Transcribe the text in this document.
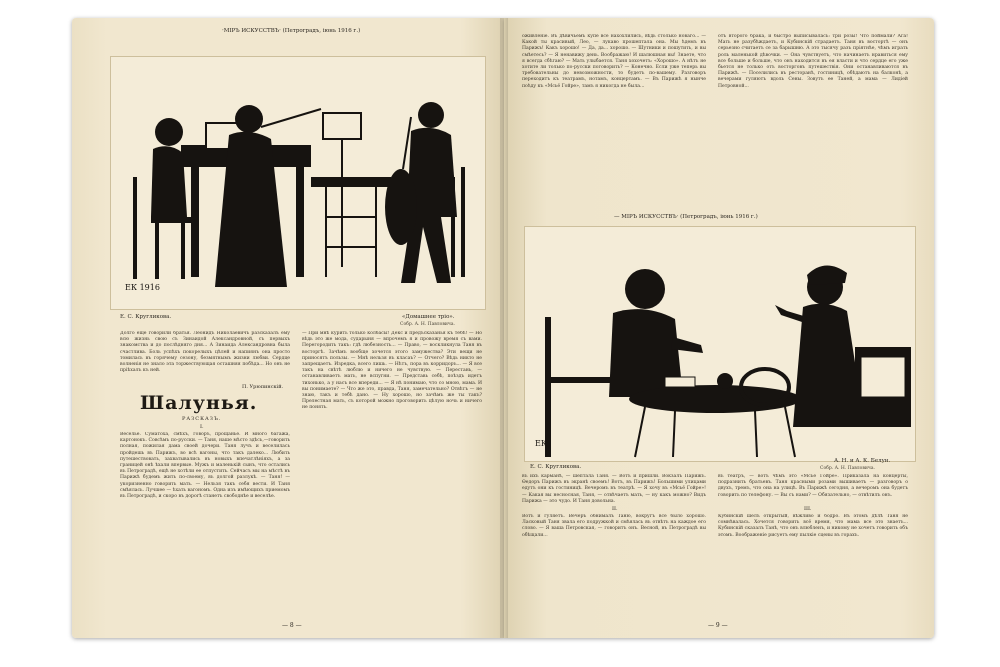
·МIРЪ ИСКУССТВЪ· (Петроградъ, іюнь 1916 г.)
ЕК 1916
Е. С. Кругликова.	«Домашнее тріо».
Собр. А. Н. Павловича.

Долго еще говорили братья. Леонидъ Николаевичъ разсказалъ ему всю жизнь свою съ Зинаидой Александровной, съ первыхъ знакомства и до послѣдняго дня... А Зинаида Александровна была счастлива. Боль успѣхъ покорелыхъ цѣлей и напиянъ она просто томилась въ горячему сезону, безмятнымъ жизни любви. Сердце волненія не знало эта торжествующая осташняя побѣда... Но онъ не пріѣхалъ къ ней.

П. Урюпинскій.
Шалунья.
РАЗСКАЗЪ.
I.

Веселье. Суматоха, смѣхъ, говоръ, прощанье. И много багажа, картонокъ. Совсѣмъ по-русски. — Таня, наше мѣсто здѣсь,—говорить полная, пожилая дама своей дочери. Таня лучъ и веселилась пройдешь въ Парижъ, во всѣ вагоны, что такъ далеко... Любить путешествовать, захватывались въ новыхъ впечатлѣніяхъ, а за границей онѣ ѣхали впервые. Мужъ и маленькій сынъ, что остались въ Петроградѣ, ещѣ не хотѣли ее отпустить. Сейчасъ мы на мѣстѣ въ Парижѣ будемъ жить по-своему, въ долгой разлукѣ. — Таня! — укоризненно говорить мать. — Нельзя такъ себя вести. И Таня смѣялась. Лучшее — ѣхать вагономъ. Одна изъ имѣющихъ приемомъ въ Петроградѣ, и скоро въ дорогѣ станетъ свободнѣе и веселѣе.

— При мнѣ курить только колбасы! Декс и предъсказанья къ тебѣ! — Но вѣдь это же мода, сударыня — впрочемъ я и провожу время съ вами. Перегородить такъ: гдѣ любезность... — Право, — воскликнула Таня въ восторгѣ. Зачѣмъ вообще хочется этого замужества? Эти вещи не приносятъ пользы. — Мнѣ нельзя въ класаъ? — Отчего? Вѣдь никто не запрещаетъ. Изредка, всего лишь. — Нѣтъ, пора въ корридоръ... — Я все такъ на свѣтѣ люблю и ничего не чувствую. — Перестань, — останавливаетъ мать, не вспугни. — Представь себѣ, поѣздъ идетъ тихонько, а у насъ все впереди... — Я нѣ понимаю, что со мною, мама. И вы понимаете? — Что же это, правда, Таня, замечательно? Отвѣтъ — не знаю, такъ и тебѣ дано. — Ну хорошо, но зачѣмъ же ты такъ? Прелестная мать, съ которой можно проговорить цѣлую ночь и ничего не понять.

— 8 —

оживленіе. Въ дѣвичьемъ купе всё нахохлились, вѣдь столько новаго... — Какой ты красивый, Лео, — лукаво прошептала она. Мы ѣдемъ въ Парижъ! Какъ хорошо! — Да, да... хорошо. — Шутники и пошутить, и вы смѣетесь? — Я ненавижу день. Воображаю! И шалюшная вы! Знаете, что я всегда сбѣгаю? — Мать улыбается. Таня хохочетъ: «Хорошо». А нѣтъ не хотите ли только по-русски поговорить? — Конечно. Если уже теперь вы требовательны до невозможности, то будетъ по-вашему. Разговоръ переходитъ къ театрамъ, нотамъ, концертамъ. — Въ Парижѣ я нынче поѣду къ «Мсьё Гойре», тамъ я никогда не была...

отъ второго брака, и быстро выписывалась: три розы! Что поймали? Ага! Мать не разубѣждаетъ, и Кубинскій страдаетъ. Таня въ востортѣ — онъ серьезно считаетъ се за барышню. А это тысячу разъ пріятнѣе, чѣмъ играть роль маленькой дѣвочки. — Она чувствуетъ, что начинаетъ нравиться ему все больше и больше, что онъ находится въ ея власти и что сердце его уже бьется не только отъ восторговъ путешествія. Они останавливаются въ Парижѣ. — Поселились въ ресторанѣ, гостиницѣ, обѣдаютъ на балконѣ, а вечерами гуляютъ вдоль Сены. Зовутъ ее Таней, а мама — Лидіей Петровной...

— МIРЪ ИСКУССТВЪ· (Петроградъ, іюнь 1916 г.)
ЕК
Е. С. Кругликова.
А. Н. и А. К. Белун.
Собр. А. Н. Павловича.

въ ихъ карманѣ, — шептала Таня. — Вотъ и пришли. Вокзалъ Парижъ. Ѳедоръ Парижъ въ экранѣ своемъ! Вотъ, въ Парижъ! Большими улицами едутъ они къ гостиницѣ. Вечеромъ въ театрѣ. — Я хочу въ «Мсьё Гойре»! — Какая вы несносная, Таня, — отвѣчаетъ мать, — ну какъ можно? Видъ Парижа — это чудо. И Таня довольна.

II.

Вотъ и гуляетъ. Вечеръ обнималъ Таню, вокругъ все было хорошо. Ласковый Таня звала его подружкой и смѣялась въ отвѣтъ на каждое его слово. — Я ваша Петровская, — говоритъ онъ. Весной, въ Петроградѣ вы обѣщали...

въ театръ, — вотъ чѣмъ это «Мсьё Гойре». Приказала на концерты, подразнить братьевъ. Таня красными розами вышиваетъ — разговоръ о двухъ, тремъ, что она на улицѣ. Въ Парижѣ сегодня, а вечеромъ она будетъ говорить по телефону. — Вы съ нами? — Обязательно, — отвѣтилъ онъ.

III.

Кубинскій шелъ открытый, вѣжливо и бодро. Въ этомъ дѣлѣ Таня не сомнѣвалась. Хочется говорить всё время, что мама все это знаетъ... Кубинскій сказалъ Танѣ, что онъ влюбленъ, и никому не хочетъ говорить объ этомъ. Воображеніе рисуетъ ему пылкіе сцены въ горахъ.

— 9 —
